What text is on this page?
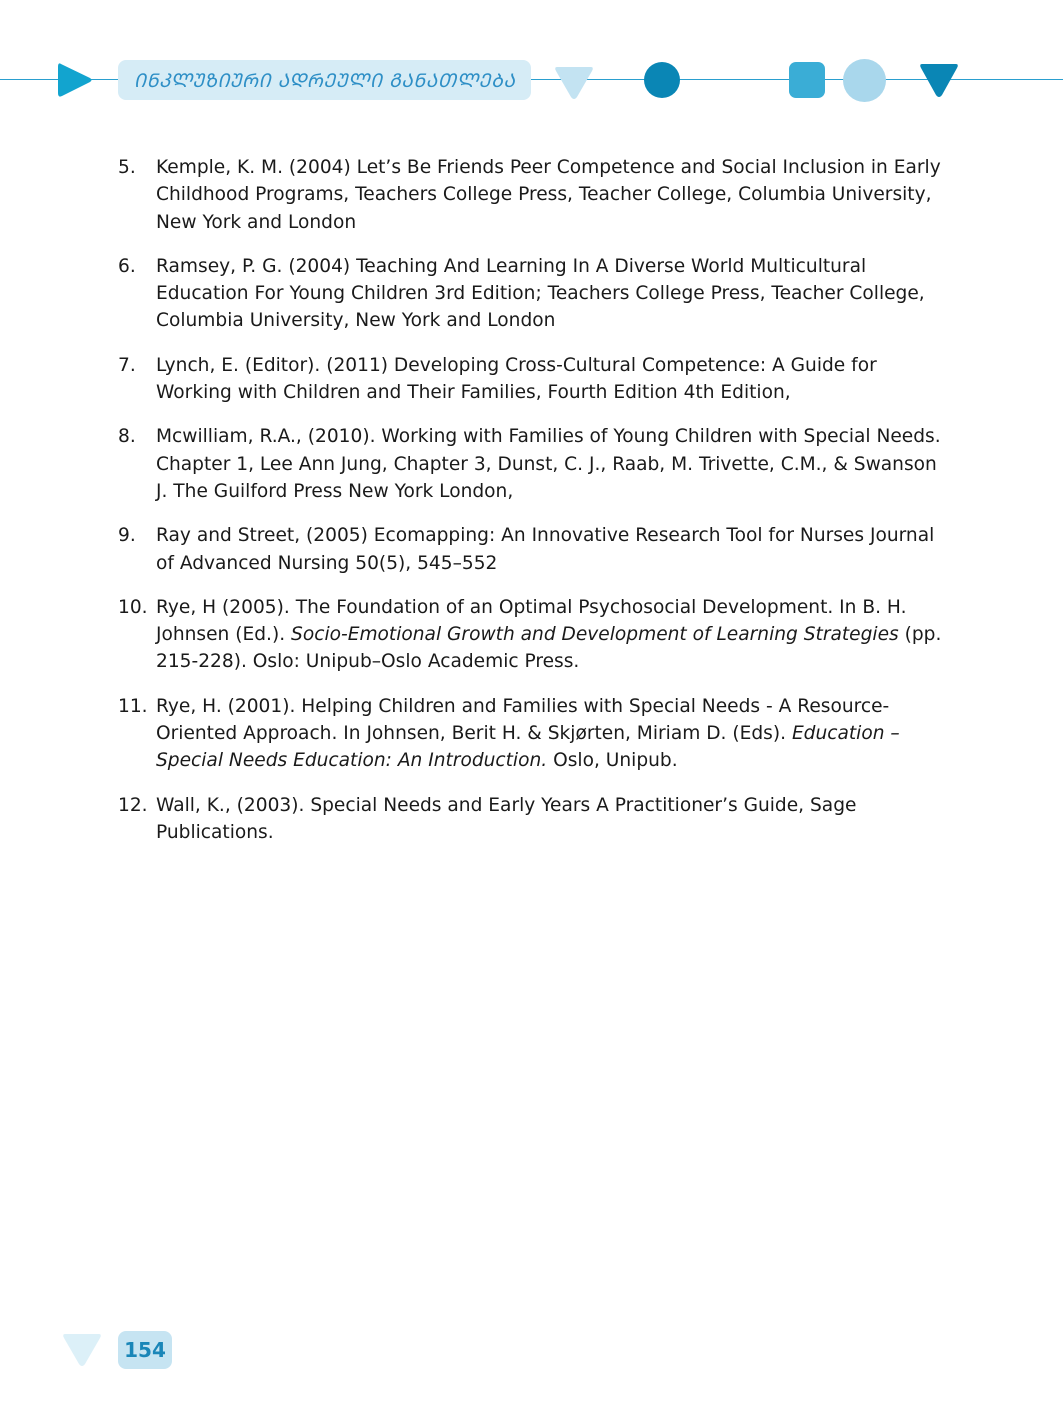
ᲘᲜᲙᲚᲣᲖᲘᲣᲠᲘ ᲐᲓᲠᲔᲣᲚᲘ ᲒᲐᲜᲐᲗᲚᲔᲑᲐ
5.	Kemple, K. M. (2004) Let’s Be Friends Peer Competence and Social Inclusion in Early Childhood Programs, Teachers College Press, Teacher College, Columbia University, New York and London
6.	Ramsey, P. G. (2004) Teaching And Learning In A Diverse World Multicultural Education For Young Children 3rd Edition; Teachers College Press, Teacher College, Columbia University, New York and London
7.	Lynch, E. (Editor). (2011) Developing Cross-Cultural Competence: A Guide for Working with Children and Their Families, Fourth Edition 4th Edition,
8.	Mcwilliam, R.A., (2010). Working with Families of Young Children with Special Needs. Chapter 1, Lee Ann Jung, Chapter 3, Dunst, C. J., Raab, M. Trivette, C.M., & Swanson J. The Guilford Press New York London,
9.	Ray and Street, (2005) Ecomapping: An Innovative Research Tool for Nurses Journal of Advanced Nursing 50(5), 545–552
10. Rye, H (2005). The Foundation of an Optimal Psychosocial Development. In B. H. Johnsen (Ed.). Socio-Emotional Growth and Development of Learning Strategies (pp. 215-228). Oslo: Unipub–Oslo Academic Press.
11. Rye, H. (2001). Helping Children and Families with Special Needs - A Resource-Oriented Approach. In Johnsen, Berit H. & Skjørten, Miriam D. (Eds). Education – Special Needs Education: An Introduction. Oslo, Unipub.
12. Wall, K., (2003). Special Needs and Early Years A Practitioner’s Guide, Sage Publications.
154
